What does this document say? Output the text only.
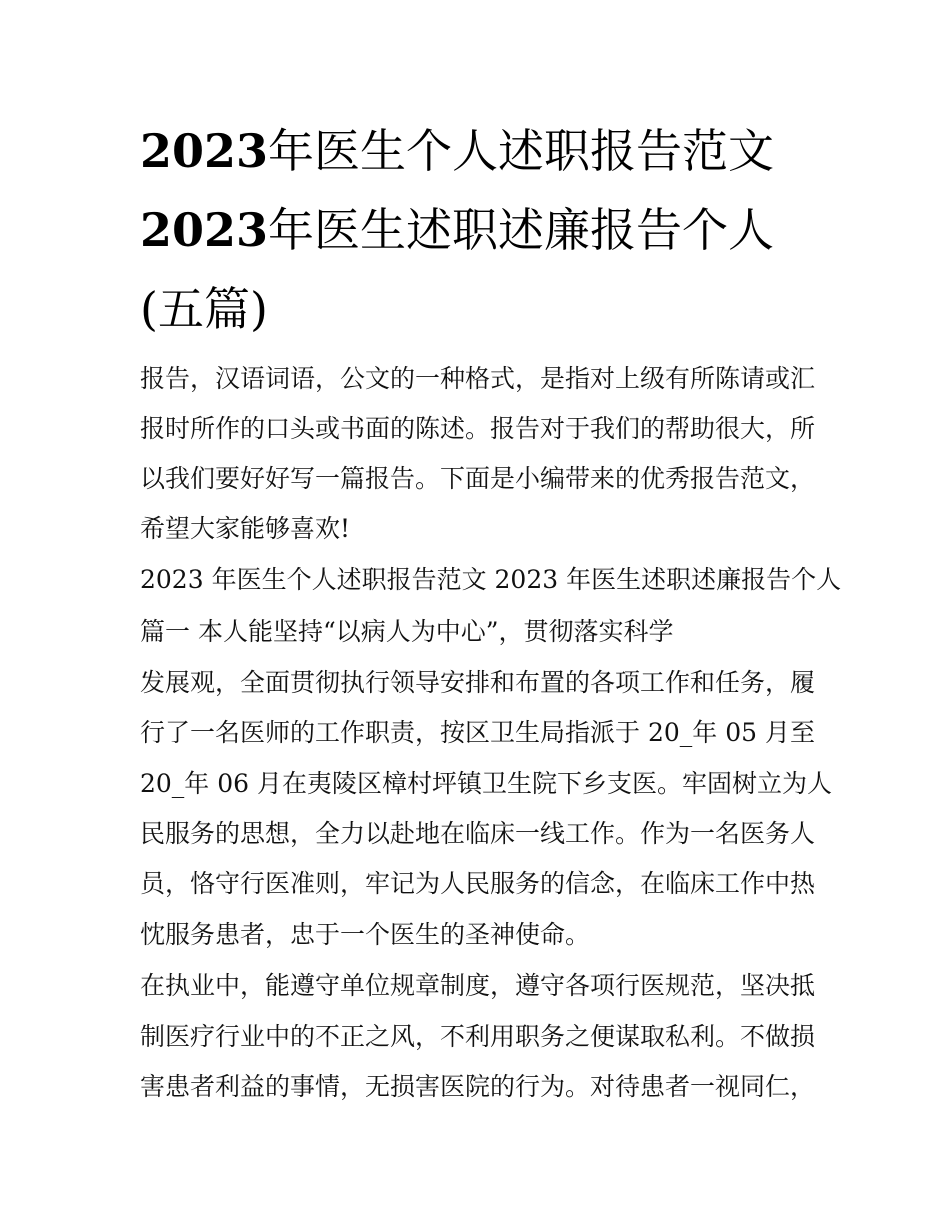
2023年医生个人述职报告范文
2023年医生述职述廉报告个人
(五篇)
报告，汉语词语，公文的一种格式，是指对上级有所陈请或汇
报时所作的口头或书面的陈述。报告对于我们的帮助很大，所
以我们要好好写一篇报告。下面是小编带来的优秀报告范文，
希望大家能够喜欢!
2023 年医生个人述职报告范文 2023 年医生述职述廉报告个人
篇一 本人能坚持“以病人为中心”，贯彻落实科学
发展观，全面贯彻执行领导安排和布置的各项工作和任务，履
行了一名医师的工作职责，按区卫生局指派于 20_年 05 月至
20_年 06 月在夷陵区樟村坪镇卫生院下乡支医。牢固树立为人
民服务的思想，全力以赴地在临床一线工作。作为一名医务人
员，恪守行医准则，牢记为人民服务的信念，在临床工作中热
忱服务患者，忠于一个医生的圣神使命。
在执业中，能遵守单位规章制度，遵守各项行医规范，坚决抵
制医疗行业中的不正之风，不利用职务之便谋取私利。不做损
害患者利益的事情，无损害医院的行为。对待患者一视同仁，
